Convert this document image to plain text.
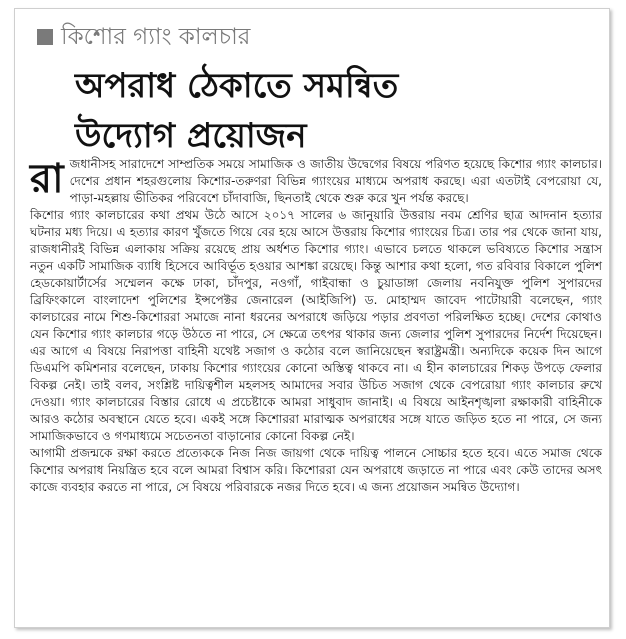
কিশোর গ্যাং কালচার
অপরাধ ঠেকাতে সমন্বিত
উদ্যোগ প্রয়োজন

রাজধানীসহ সারাদেশে সাম্প্রতিক সময়ে সামাজিক ও জাতীয় উদ্বেগের বিষয়ে পরিণত হয়েছে কিশোর গ্যাং কালচার। দেশের প্রধান শহরগুলোয় কিশোর-তরুণরা বিভিন্ন গ্যাংয়ের মাধ্যমে অপরাধ করছে। এরা এতটাই বেপরোয়া যে, পাড়া-মহল্লায় ভীতিকর পরিবেশে চাঁদাবাজি, ছিনতাই থেকে শুরু করে খুন পর্যন্ত করছে।

কিশোর গ্যাং কালচারের কথা প্রথম উঠে আসে ২০১৭ সালের ৬ জানুয়ারি উত্তরায় নবম শ্রেণির ছাত্র আদনান হত্যার ঘটনার মধ্য দিয়ে। এ হত্যার কারণ খুঁজতে গিয়ে বের হয়ে আসে উত্তরায় কিশোর গ্যাংয়ের চিত্র। তার পর থেকে জানা যায়, রাজধানীরই বিভিন্ন এলাকায় সক্রিয় রয়েছে প্রায় অর্ধশত কিশোর গ্যাং। এভাবে চলতে থাকলে ভবিষ্যতে কিশোর সন্ত্রাস নতুন একটি সামাজিক ব্যাধি হিসেবে আবির্ভূত হওয়ার আশঙ্কা রয়েছে। কিন্তু আশার কথা হলো, গত রবিবার বিকালে পুলিশ হেডকোয়ার্টার্সের সম্মেলন কক্ষে ঢাকা, চাঁদপুর, নওগাঁ, গাইবান্ধা ও চুয়াডাঙ্গা জেলায় নবনিযুক্ত পুলিশ সুপারদের ব্রিফিংকালে বাংলাদেশ পুলিশের ইন্সপেক্টর জেনারেল (আইজিপি) ড. মোহাম্মদ জাবেদ পাটোয়ারী বলেছেন, গ্যাং কালচারের নামে শিশু-কিশোররা সমাজে নানা ধরনের অপরাধে জড়িয়ে পড়ার প্রবণতা পরিলক্ষিত হচ্ছে। দেশের কোথাও যেন কিশোর গ্যাং কালচার গড়ে উঠতে না পারে, সে ক্ষেত্রে তৎপর থাকার জন্য জেলার পুলিশ সুপারদের নির্দেশ দিয়েছেন। এর আগে এ বিষয়ে নিরাপত্তা বাহিনী যথেষ্ট সজাগ ও কঠোর বলে জানিয়েছেন স্বরাষ্ট্রমন্ত্রী। অন্যদিকে কয়েক দিন আগে ডিএমপি কমিশনার বলেছেন, ঢাকায় কিশোর গ্যাংয়ের কোনো অস্তিত্ব থাকবে না। এ হীন কালচারের শিকড় উপড়ে ফেলার বিকল্প নেই। তাই বলব, সংশ্লিষ্ট দায়িত্বশীল মহলসহ আমাদের সবার উচিত সজাগ থেকে বেপরোয়া গ্যাং কালচার রুখে দেওয়া। গ্যাং কালচারের বিস্তার রোধে এ প্রচেষ্টাকে আমরা সাধুবাদ জানাই। এ বিষয়ে আইনশৃঙ্খলা রক্ষাকারী বাহিনীকে আরও কঠোর অবস্থানে যেতে হবে। একই সঙ্গে কিশোররা মারাত্মক অপরাধের সঙ্গে যাতে জড়িত হতে না পারে, সে জন্য সামাজিকভাবে ও গণমাধ্যমে সচেতনতা বাড়ানোর কোনো বিকল্প নেই।

আগামী প্রজন্মকে রক্ষা করতে প্রত্যেককে নিজ নিজ জায়গা থেকে দায়িত্ব পালনে সোচ্চার হতে হবে। এতে সমাজ থেকে কিশোর অপরাধ নিয়ন্ত্রিত হবে বলে আমরা বিশ্বাস করি। কিশোররা যেন অপরাধে জড়াতে না পারে এবং কেউ তাদের অসৎ কাজে ব্যবহার করতে না পারে, সে বিষয়ে পরিবারকে নজর দিতে হবে। এ জন্য প্রয়োজন সমন্বিত উদ্যোগ।
